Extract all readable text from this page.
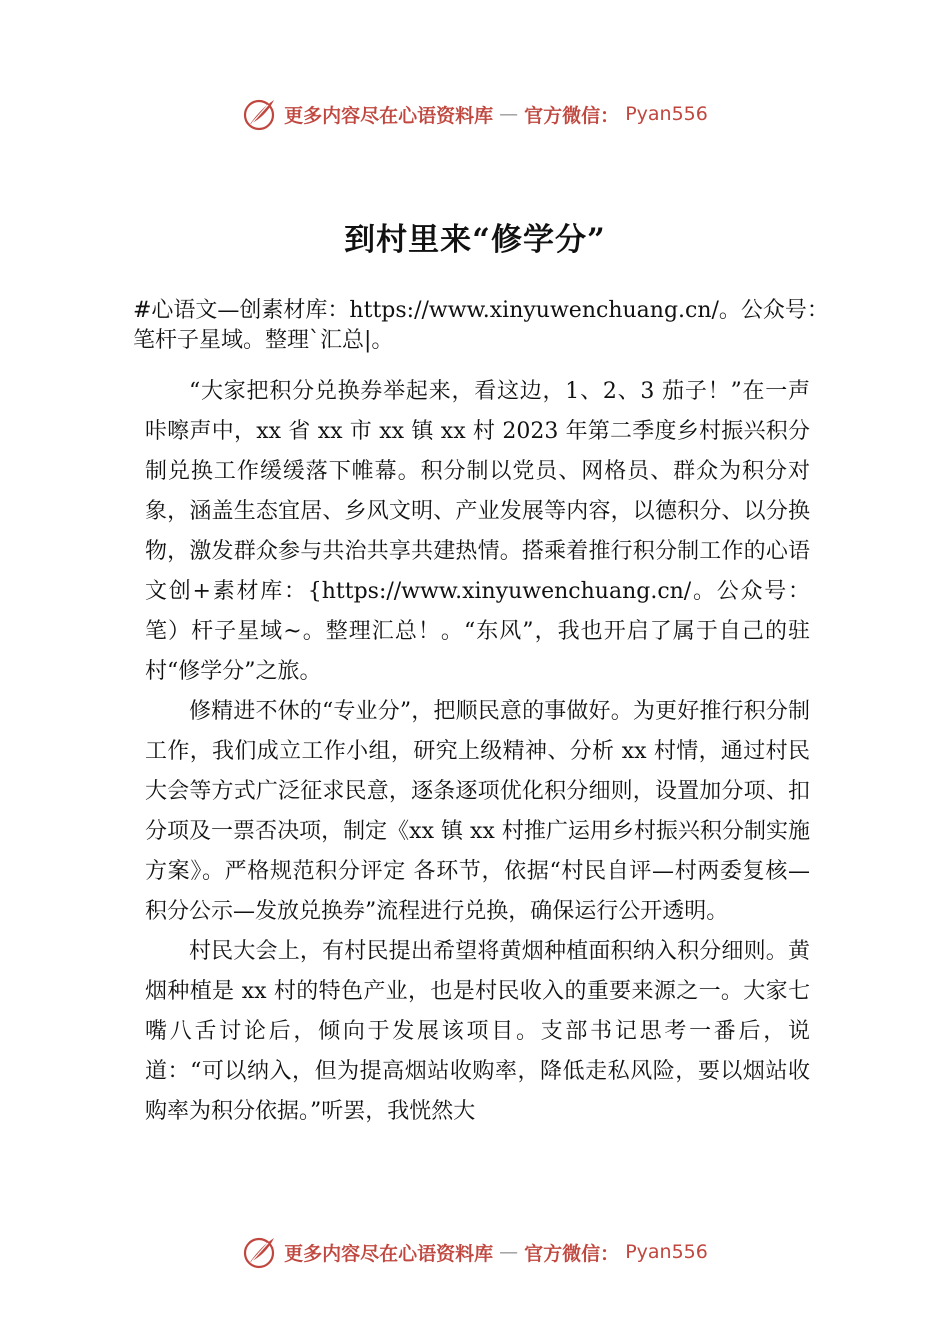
更多内容尽在心语资料库 — 官方微信： Pyan556
到村里来“修学分”
#心语文—创素材库：https://www.xinyuwenchuang.cn/。公众号：笔杆子星域。整理`汇总|。

“大家把积分兑换券举起来，看这边，1、2、3 茄子！”在一声咔嚓声中，xx 省 xx 市 xx 镇 xx 村 2023 年第二季度乡村振兴积分制兑换工作缓缓落下帷幕。积分制以党员、网格员、群众为积分对象，涵盖生态宜居、乡风文明、产业发展等内容，以德积分、以分换物，激发群众参与共治共享共建热情。搭乘着推行积分制工作的心语文创+素材库：{https://www.xinyuwenchuang.cn/。公众号：笔）杆子星域~。整理汇总！。“东风”，我也开启了属于自己的驻村“修学分”之旅。

修精进不休的“专业分”，把顺民意的事做好。为更好推行积分制工作，我们成立工作小组，研究上级精神、分析 xx 村情，通过村民大会等方式广泛征求民意，逐条逐项优化积分细则，设置加分项、扣分项及一票否决项，制定《xx 镇 xx 村推广运用乡村振兴积分制实施方案》。严格规范积分评定 各环节，依据“村民自评—村两委复核—积分公示—发放兑换券”流程进行兑换，确保运行公开透明。

村民大会上，有村民提出希望将黄烟种植面积纳入积分细则。黄烟种植是 xx 村的特色产业，也是村民收入的重要来源之一。大家七嘴八舌讨论后，倾向于发展该项目。支部书记思考一番后，说道：“可以纳入，但为提高烟站收购率，降低走私风险，要以烟站收购率为积分依据。”听罢，我恍然大

更多内容尽在心语资料库 — 官方微信： Pyan556
